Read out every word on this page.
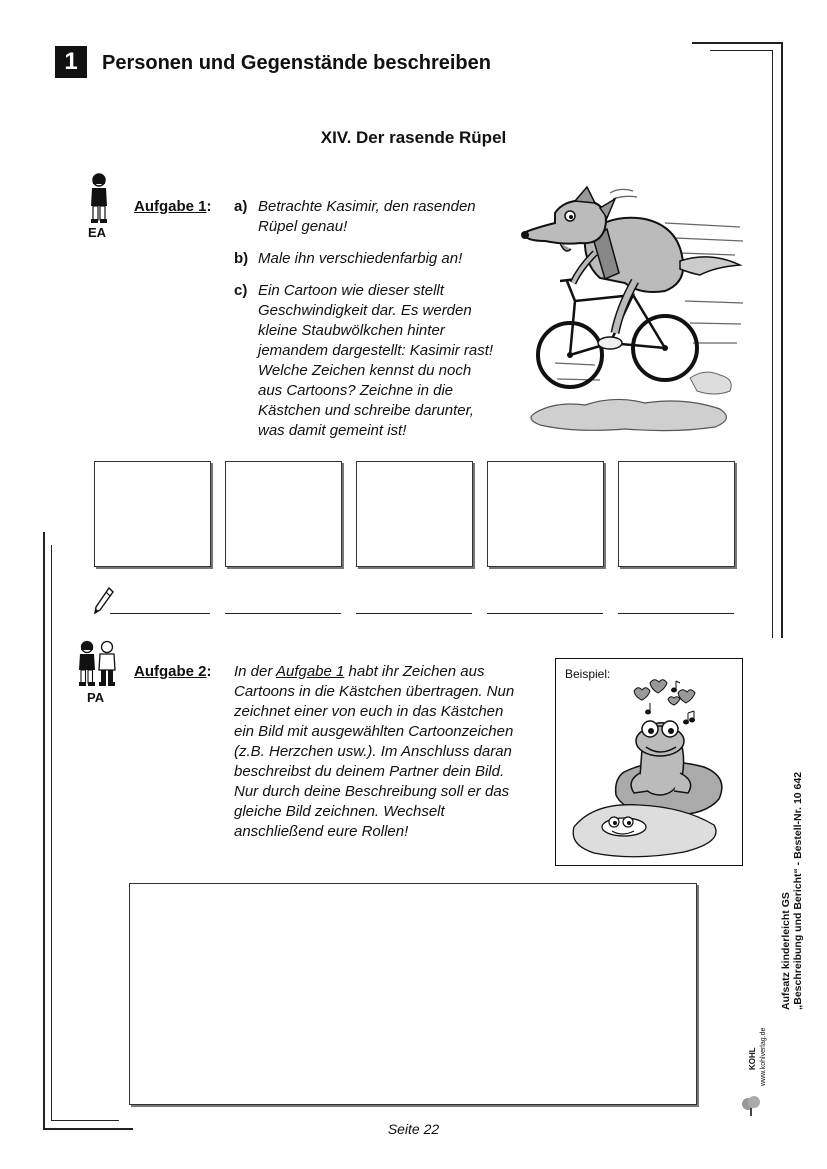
1	Personen und Gegenstände beschreiben
XIV. Der rasende Rüpel
EA
Aufgabe 1: a) Betrachte Kasimir, den rasenden Rüpel genau!
b) Male ihn verschiedenfarbig an!
c) Ein Cartoon wie dieser stellt Geschwindigkeit dar. Es werden kleine Staubwölkchen hinter jemandem dargestellt: Kasimir rast! Welche Zeichen kennst du noch aus Cartoons? Zeichne in die Kästchen und schreibe darunter, was damit gemeint ist!
PA
Aufgabe 2: In der Aufgabe 1 habt ihr Zeichen aus Cartoons in die Kästchen übertragen. Nun zeichnet einer von euch in das Kästchen ein Bild mit ausgewählten Cartoonzeichen (z.B. Herzchen usw.). Im Anschluss daran beschreibst du deinem Partner dein Bild. Nur durch deine Beschreibung soll er das gleiche Bild zeichnen. Wechselt anschließend eure Rollen!
Beispiel:
Aufsatz kinderleicht GS „Beschreibung und Bericht“ - Bestell-Nr. 10 642
KOHL www.kohlverlag.de
Seite 22
